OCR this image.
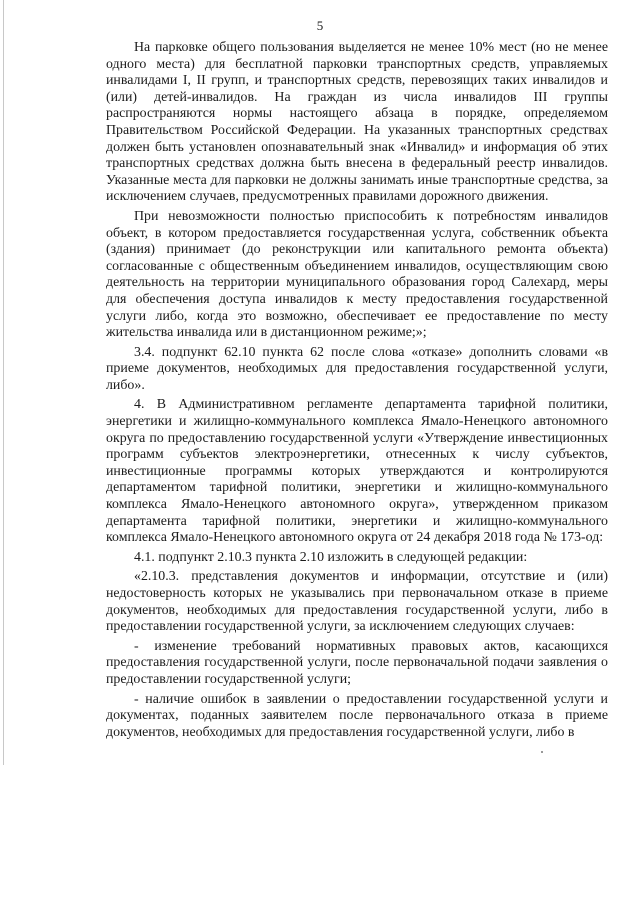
5

На парковке общего пользования выделяется не менее 10% мест (но не менее одного места) для бесплатной парковки транспортных средств, управляемых инвалидами I, II групп, и транспортных средств, перевозящих таких инвалидов и (или) детей-инвалидов. На граждан из числа инвалидов III группы распространяются нормы настоящего абзаца в порядке, определяемом Правительством Российской Федерации. На указанных транспортных средствах должен быть установлен опознавательный знак «Инвалид» и информация об этих транспортных средствах должна быть внесена в федеральный реестр инвалидов. Указанные места для парковки не должны занимать иные транспортные средства, за исключением случаев, предусмотренных правилами дорожного движения.

При невозможности полностью приспособить к потребностям инвалидов объект, в котором предоставляется государственная услуга, собственник объекта (здания) принимает (до реконструкции или капитального ремонта объекта) согласованные с общественным объединением инвалидов, осуществляющим свою деятельность на территории муниципального образования город Салехард, меры для обеспечения доступа инвалидов к месту предоставления государственной услуги либо, когда это возможно, обеспечивает ее предоставление по месту жительства инвалида или в дистанционном режиме;»;

3.4. подпункт 62.10 пункта 62 после слова «отказе» дополнить словами «в приеме документов, необходимых для предоставления государственной услуги, либо».

4. В Административном регламенте департамента тарифной политики, энергетики и жилищно-коммунального комплекса Ямало-Ненецкого автономного округа по предоставлению государственной услуги «Утверждение инвестиционных программ субъектов электроэнергетики, отнесенных к числу субъектов, инвестиционные программы которых утверждаются и контролируются департаментом тарифной политики, энергетики и жилищно-коммунального комплекса Ямало-Ненецкого автономного округа», утвержденном приказом департамента тарифной политики, энергетики и жилищно-коммунального комплекса Ямало-Ненецкого автономного округа от 24 декабря 2018 года № 173-од:

4.1. подпункт 2.10.3 пункта 2.10 изложить в следующей редакции:

«2.10.3. представления документов и информации, отсутствие и (или) недостоверность которых не указывались при первоначальном отказе в приеме документов, необходимых для предоставления государственной услуги, либо в предоставлении государственной услуги, за исключением следующих случаев:

- изменение требований нормативных правовых актов, касающихся предоставления государственной услуги, после первоначальной подачи заявления о предоставлении государственной услуги;

- наличие ошибок в заявлении о предоставлении государственной услуги и документах, поданных заявителем после первоначального отказа в приеме документов, необходимых для предоставления государственной услуги, либо в
